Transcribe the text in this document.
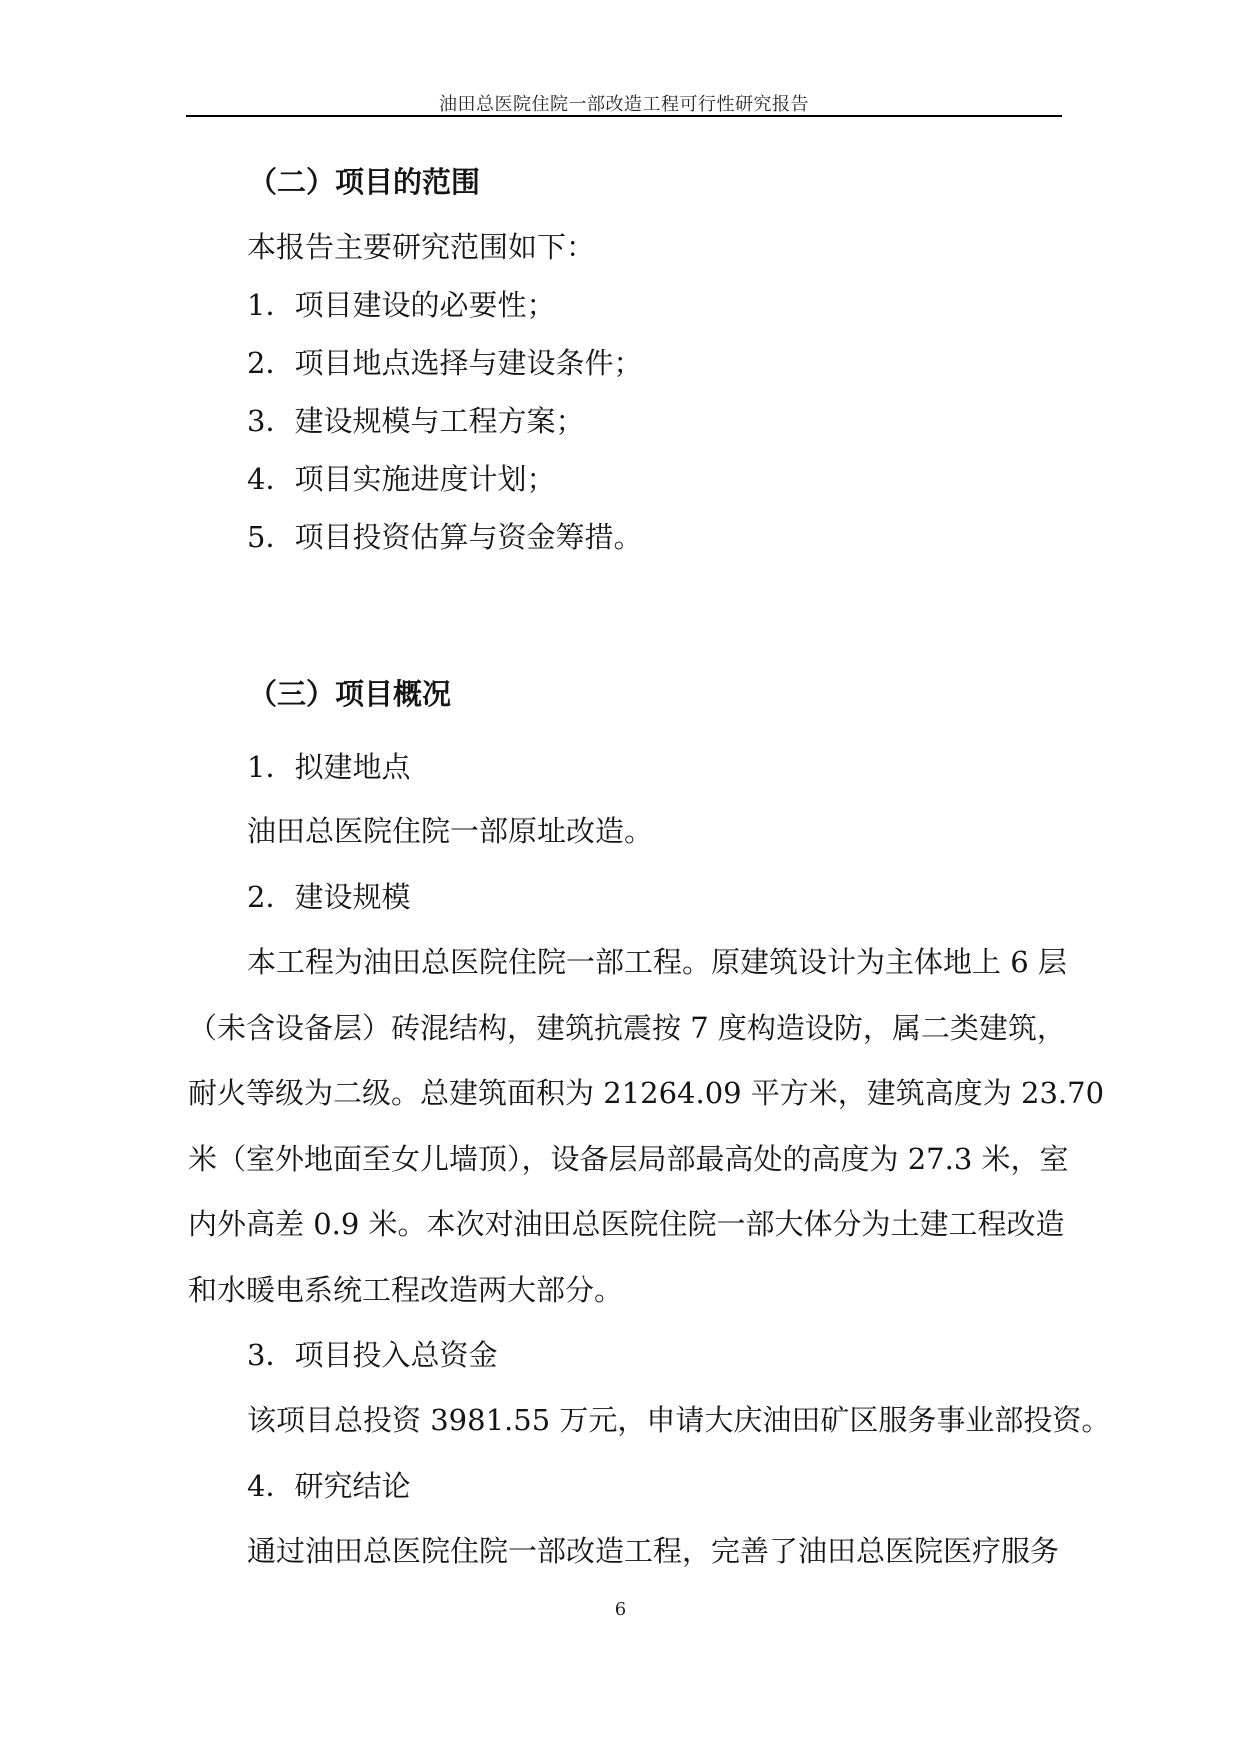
油田总医院住院一部改造工程可行性研究报告
（二）项目的范围
本报告主要研究范围如下：
1．项目建设的必要性；
2．项目地点选择与建设条件；
3．建设规模与工程方案；
4．项目实施进度计划；
5．项目投资估算与资金筹措。
（三）项目概况
1．拟建地点
油田总医院住院一部原址改造。
2．建设规模
本工程为油田总医院住院一部工程。原建筑设计为主体地上 6 层
（未含设备层）砖混结构，建筑抗震按 7 度构造设防，属二类建筑，
耐火等级为二级。总建筑面积为 21264.09 平方米，建筑高度为 23.70
米（室外地面至女儿墙顶），设备层局部最高处的高度为 27.3 米，室
内外高差 0.9 米。本次对油田总医院住院一部大体分为土建工程改造
和水暖电系统工程改造两大部分。
3．项目投入总资金
该项目总投资 3981.55 万元，申请大庆油田矿区服务事业部投资。
4．研究结论
通过油田总医院住院一部改造工程，完善了油田总医院医疗服务
6
